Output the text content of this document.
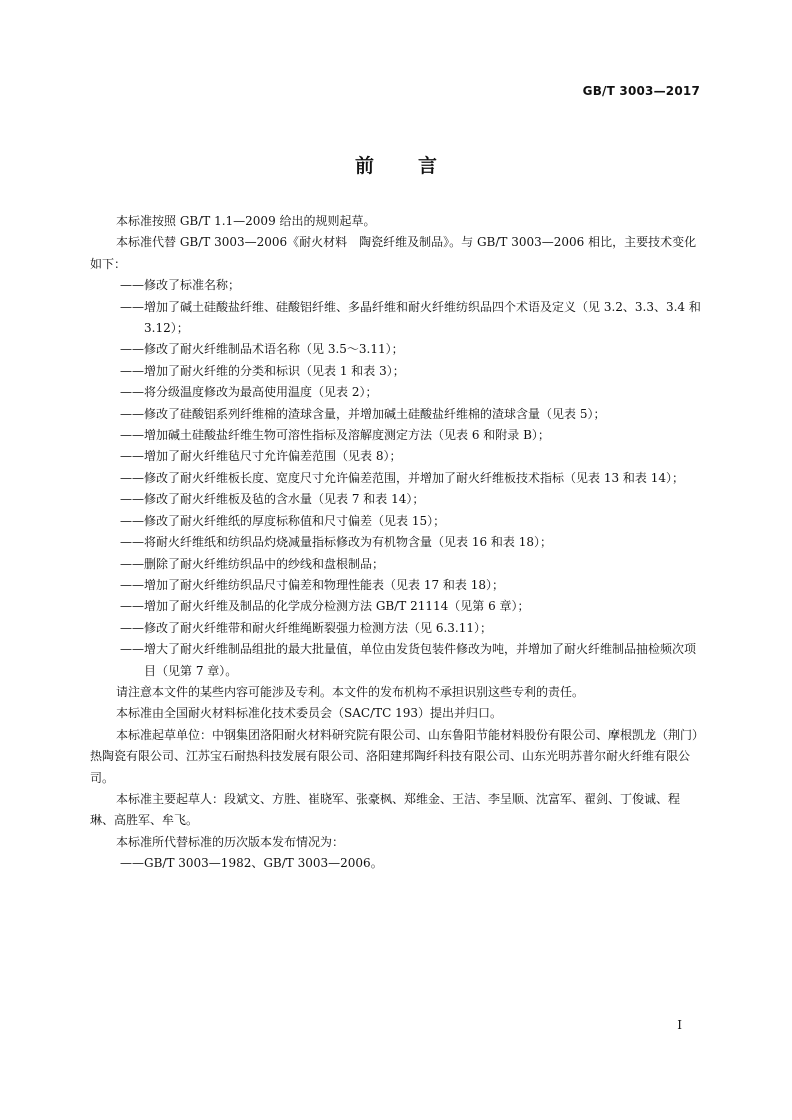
GB/T 3003—2017
前 言

本标准按照 GB/T 1.1—2009 给出的规则起草。

本标准代替 GB/T 3003—2006《耐火材料　陶瓷纤维及制品》。与 GB/T 3003—2006 相比，主要技术变化如下：

——修改了标准名称；

——增加了碱土硅酸盐纤维、硅酸铝纤维、多晶纤维和耐火纤维纺织品四个术语及定义（见 3.2、3.3、3.4 和 3.12）；

——修改了耐火纤维制品术语名称（见 3.5～3.11）；

——增加了耐火纤维的分类和标识（见表 1 和表 3）；

——将分级温度修改为最高使用温度（见表 2）；

——修改了硅酸铝系列纤维棉的渣球含量，并增加碱土硅酸盐纤维棉的渣球含量（见表 5）；

——增加碱土硅酸盐纤维生物可溶性指标及溶解度测定方法（见表 6 和附录 B）；

——增加了耐火纤维毡尺寸允许偏差范围（见表 8）；

——修改了耐火纤维板长度、宽度尺寸允许偏差范围，并增加了耐火纤维板技术指标（见表 13 和表 14）；

——修改了耐火纤维板及毡的含水量（见表 7 和表 14）；

——修改了耐火纤维纸的厚度标称值和尺寸偏差（见表 15）；

——将耐火纤维纸和纺织品灼烧减量指标修改为有机物含量（见表 16 和表 18）；

——删除了耐火纤维纺织品中的纱线和盘根制品；

——增加了耐火纤维纺织品尺寸偏差和物理性能表（见表 17 和表 18）；

——增加了耐火纤维及制品的化学成分检测方法 GB/T 21114（见第 6 章）；

——修改了耐火纤维带和耐火纤维绳断裂强力检测方法（见 6.3.11）；

——增大了耐火纤维制品组批的最大批量值，单位由发货包装件修改为吨，并增加了耐火纤维制品抽检频次项目（见第 7 章）。

请注意本文件的某些内容可能涉及专利。本文件的发布机构不承担识别这些专利的责任。

本标准由全国耐火材料标准化技术委员会（SAC/TC 193）提出并归口。

本标准起草单位：中钢集团洛阳耐火材料研究院有限公司、山东鲁阳节能材料股份有限公司、摩根凯龙（荆门）热陶瓷有限公司、江苏宝石耐热科技发展有限公司、洛阳建邦陶纤科技有限公司、山东光明苏普尔耐火纤维有限公司。

本标准主要起草人：段斌文、方胜、崔晓军、张豪枫、郑维金、王洁、李呈顺、沈富军、翟剑、丁俊诚、程琳、高胜军、牟飞。

本标准所代替标准的历次版本发布情况为：

——GB/T 3003—1982、GB/T 3003—2006。

Ⅰ
